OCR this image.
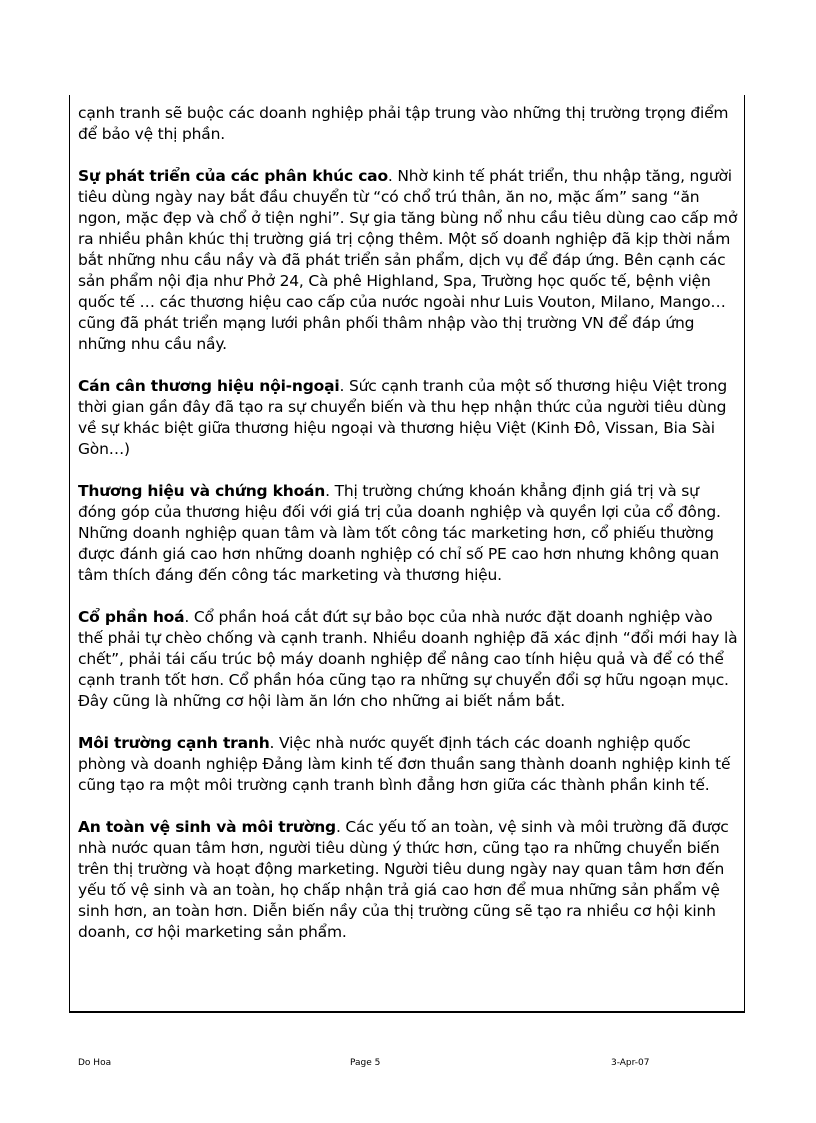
cạnh tranh sẽ buộc các doanh nghiệp phải tập trung vào những thị trường trọng điểm để bảo vệ thị phần.

Sự phát triển của các phân khúc cao. Nhờ kinh tế phát triển, thu nhập tăng, người tiêu dùng ngày nay bắt đầu chuyển từ “có chổ trú thân, ăn no, mặc ấm” sang “ăn ngon, mặc đẹp và chổ ở tiện nghi”. Sự gia tăng bùng nổ nhu cầu tiêu dùng cao cấp mở ra nhiều phân khúc thị trường giá trị cộng thêm. Một số doanh nghiệp đã kịp thời nắm bắt những nhu cầu nầy và đã phát triển sản phẩm, dịch vụ để đáp ứng. Bên cạnh các sản phẩm nội địa như Phở 24, Cà phê Highland, Spa, Trường học quốc tế, bệnh viện quốc tế … các thương hiệu cao cấp của nước ngoài như Luis Vouton, Milano, Mango… cũng đã phát triển mạng lưới phân phối thâm nhập vào thị trường VN để đáp ứng những nhu cầu nầy.

Cán cân thương hiệu nội-ngoại. Sức cạnh tranh của một số thương hiệu Việt trong thời gian gần đây đã tạo ra sự chuyển biến và thu hẹp nhận thức của người tiêu dùng về sự khác biệt giữa thương hiệu ngoại và thương hiệu Việt (Kinh Đô, Vissan, Bia Sài Gòn…)

Thương hiệu và chứng khoán. Thị trường chứng khoán khẳng định giá trị và sự đóng góp của thương hiệu đối với giá trị của doanh nghiệp và quyền lợi của cổ đông. Những doanh nghiệp quan tâm và làm tốt công tác marketing hơn, cổ phiếu thường được đánh giá cao hơn những doanh nghiệp có chỉ số PE cao hơn nhưng không quan tâm thích đáng đến công tác marketing và thương hiệu.

Cổ phần hoá. Cổ phần hoá cắt đứt sự bảo bọc của nhà nước đặt doanh nghiệp vào thế phải tự chèo chống và cạnh tranh. Nhiều doanh nghiệp đã xác định “đổi mới hay là chết”, phải tái cấu trúc bộ máy doanh nghiệp để nâng cao tính hiệu quả và để có thể cạnh tranh tốt hơn. Cổ phần hóa cũng tạo ra những sự chuyển đổi sợ hữu ngoạn mục. Đây cũng là những cơ hội làm ăn lớn cho những ai biết nắm bắt.

Môi trường cạnh tranh. Việc nhà nước quyết định tách các doanh nghiệp quốc phòng và doanh nghiệp Đảng làm kinh tế đơn thuần sang thành doanh nghiệp kinh tế cũng tạo ra một môi trường cạnh tranh bình đẳng hơn giữa các thành phần kinh tế.

An toàn vệ sinh và môi trường. Các yếu tố an toàn, vệ sinh và môi trường đã được nhà nước quan tâm hơn, người tiêu dùng ý thức hơn, cũng tạo ra những chuyển biến trên thị trường và hoạt động marketing. Người tiêu dung ngày nay quan tâm hơn đến yếu tố vệ sinh và an toàn, họ chấp nhận trả giá cao hơn để mua những sản phẩm vệ sinh hơn, an toàn hơn. Diễn biến nầy của thị trường cũng sẽ tạo ra nhiều cơ hội kinh doanh, cơ hội marketing sản phẩm.

Do Hoa	Page 5	3-Apr-07
